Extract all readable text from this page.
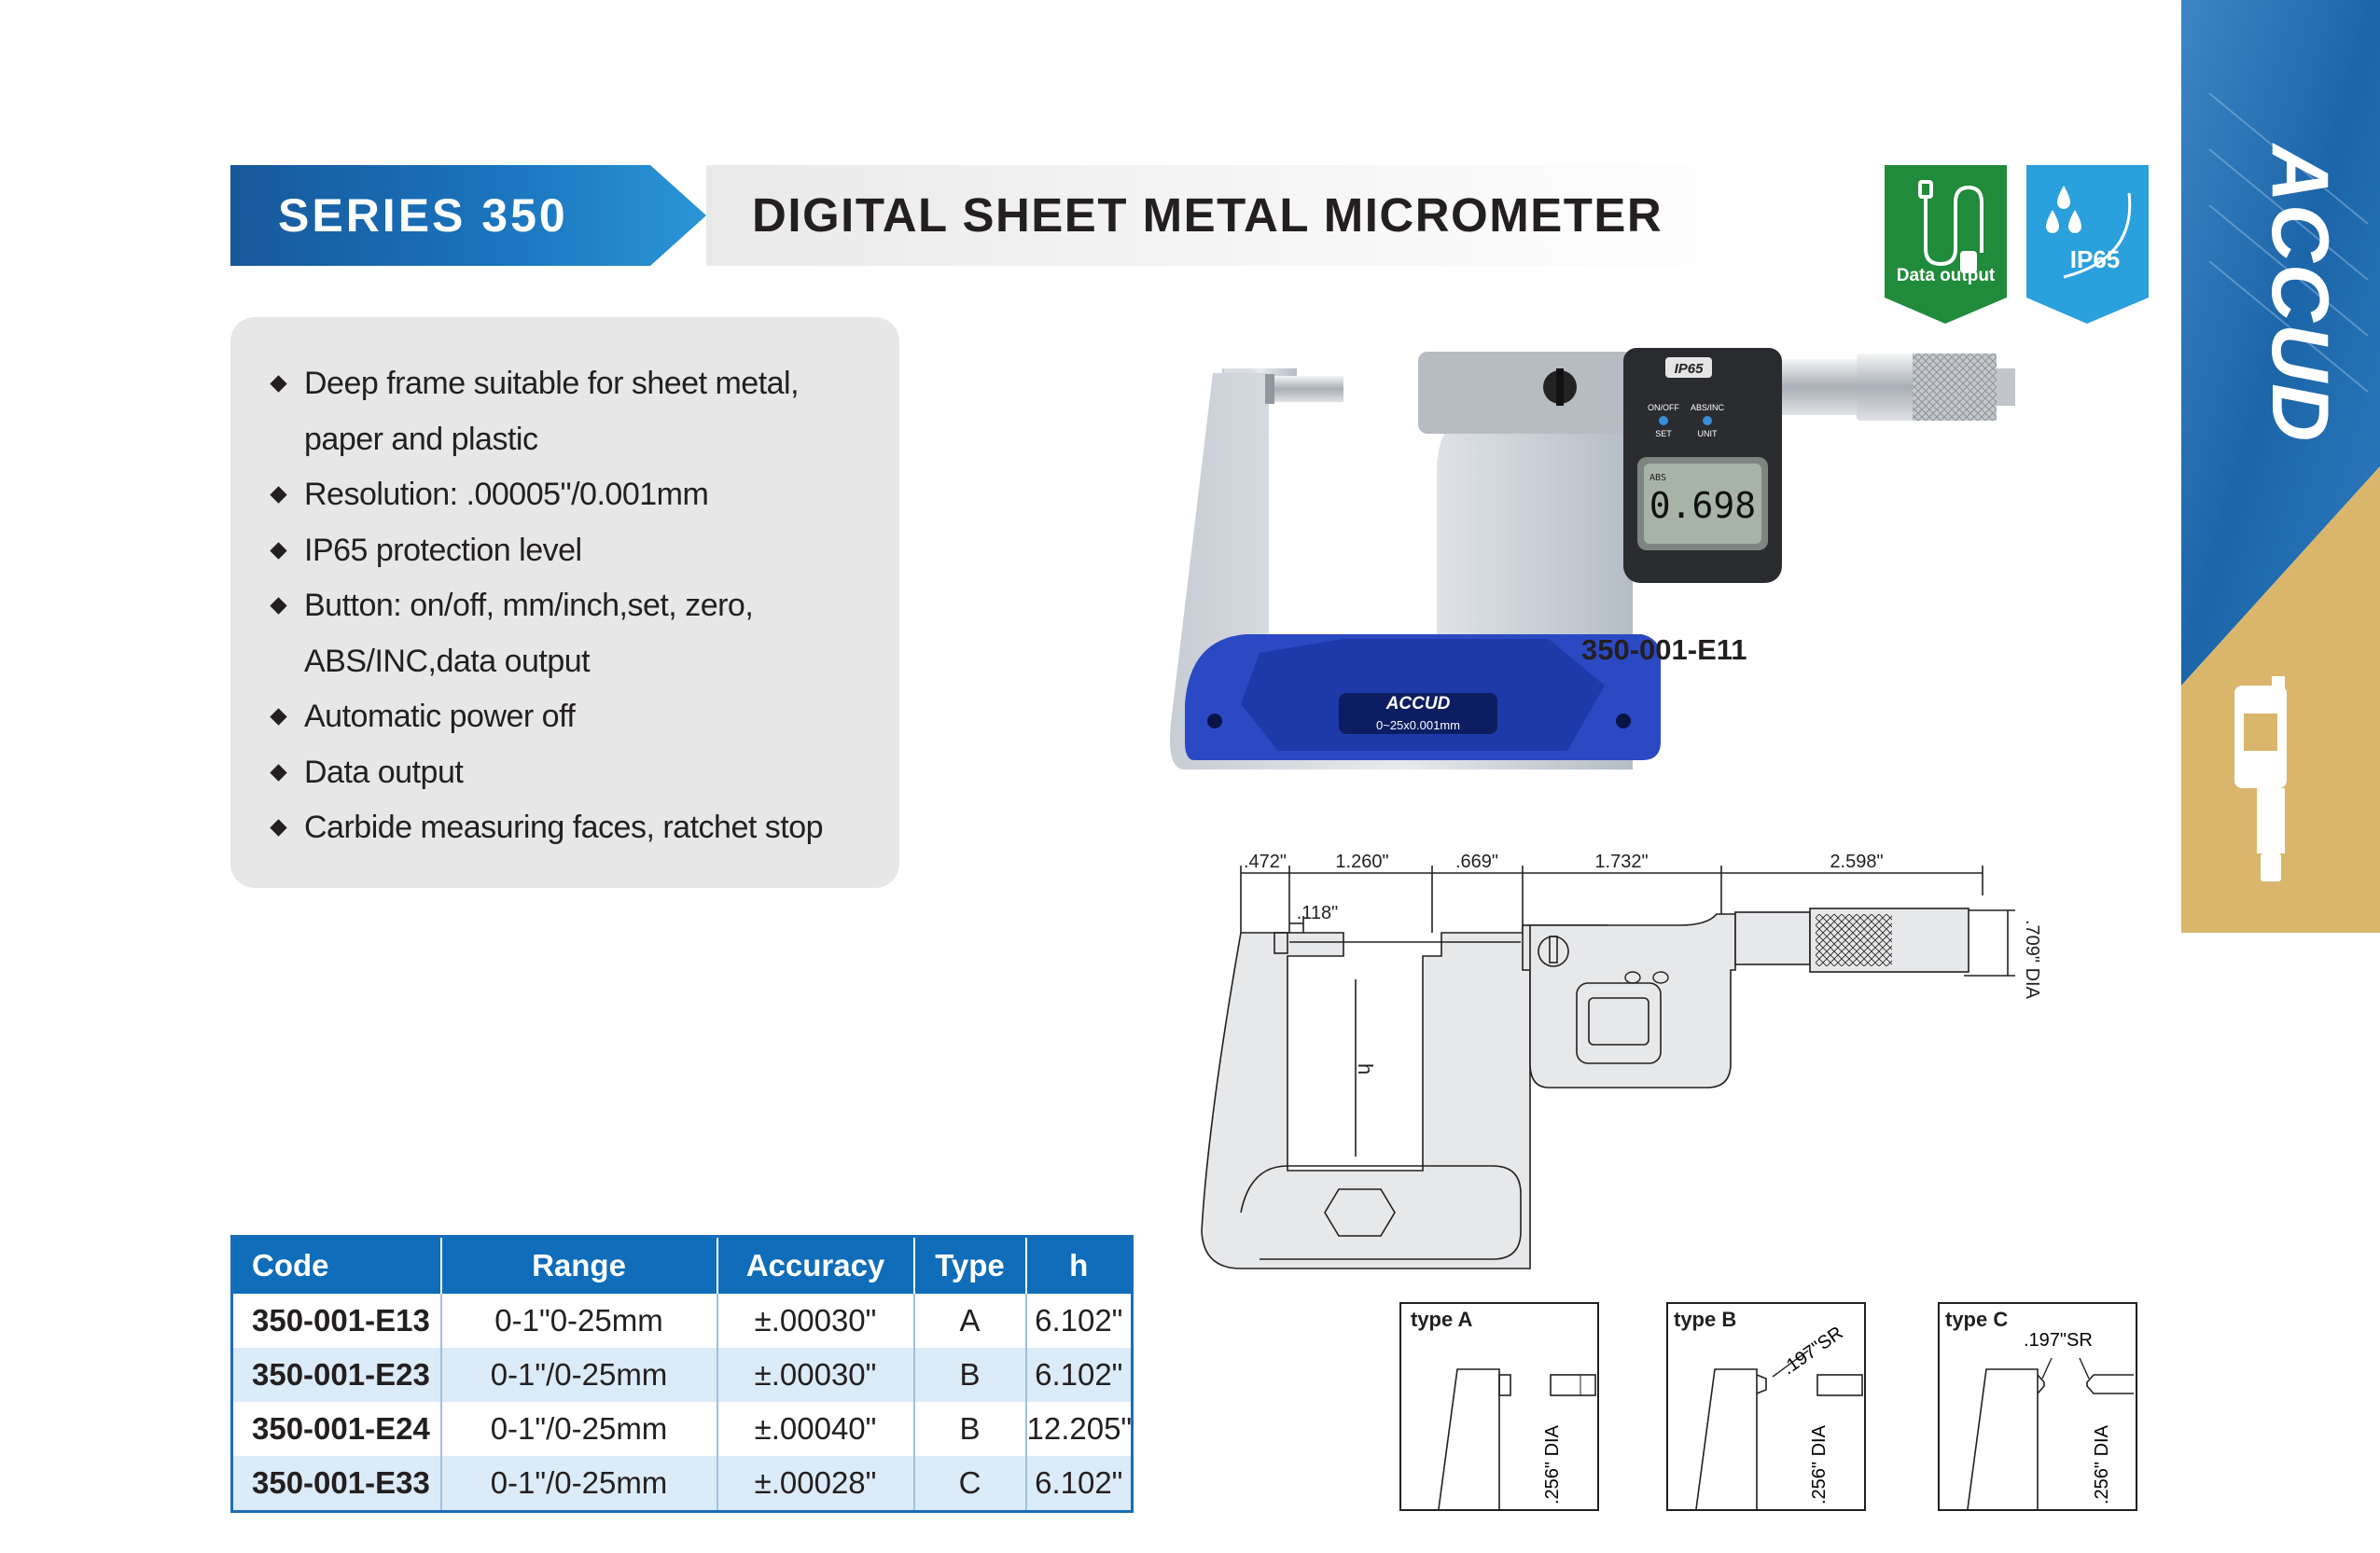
SERIES 350	DIGITAL SHEET METAL MICROMETER
Data output
IP65	ACCUD
Deep frame suitable for sheet metal,
paper and plastic
Resolution: .00005"/0.001mm
IP65 protection level
Button: on/off, mm/inch,set, zero,
ABS/INC,data output
Automatic power off
Data output
Carbide measuring faces, ratchet stop
ACCUD
0~25x0.001mm
IP65
ABS
0.698
ON/OFF ABS/INC
SET	UNIT
350-001-E11
h
.472"	1.260"	.669"	1.732"	2.598"
.118"
.709" DIA
type A
.256" DIA
type B
.197"SR
.256" DIA
type C
.197"SR
.256" DIA
Code	Range	Accuracy	Type	h
350-001-E13	0-1"0-25mm	±.00030"	A	6.102"
350-001-E23	0-1"/0-25mm	±.00030"	B	6.102"
350-001-E24	0-1"/0-25mm	±.00040"	B	12.205"
350-001-E33	0-1"/0-25mm	±.00028"	C	6.102"
